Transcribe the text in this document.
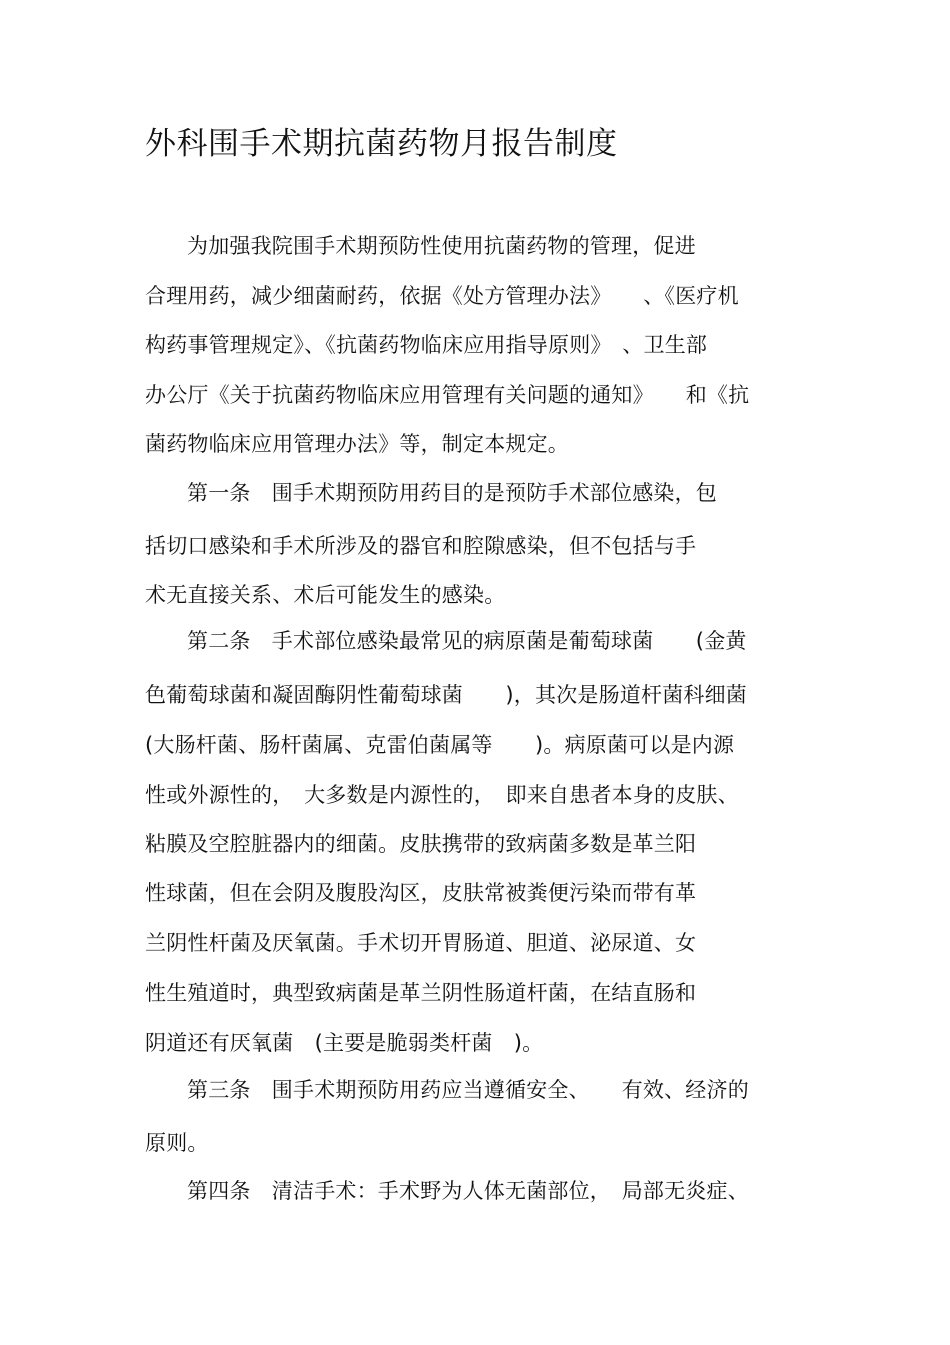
外科围手术期抗菌药物月报告制度
为加强我院围手术期预防性使用抗菌药物的管理，促进
合理用药，减少细菌耐药，依据《处方管理办法》　　、《医疗机
构药事管理规定》、《抗菌药物临床应用指导原则》　、卫生部
办公厅《关于抗菌药物临床应用管理有关问题的通知》　　和《抗
菌药物临床应用管理办法》等，制定本规定。
第一条　围手术期预防用药目的是预防手术部位感染，包
括切口感染和手术所涉及的器官和腔隙感染，但不包括与手
术无直接关系、术后可能发生的感染。
第二条　手术部位感染最常见的病原菌是葡萄球菌　　(金黄
色葡萄球菌和凝固酶阴性葡萄球菌　　)，其次是肠道杆菌科细菌
(大肠杆菌、肠杆菌属、克雷伯菌属等　　)。病原菌可以是内源
性或外源性的，　大多数是内源性的，　即来自患者本身的皮肤、
粘膜及空腔脏器内的细菌。皮肤携带的致病菌多数是革兰阳
性球菌，但在会阴及腹股沟区，皮肤常被粪便污染而带有革
兰阴性杆菌及厌氧菌。手术切开胃肠道、胆道、泌尿道、女
性生殖道时，典型致病菌是革兰阴性肠道杆菌，在结直肠和
阴道还有厌氧菌　(主要是脆弱类杆菌　)。
第三条　围手术期预防用药应当遵循安全、　　有效、经济的
原则。
第四条　清洁手术：手术野为人体无菌部位，　局部无炎症、
